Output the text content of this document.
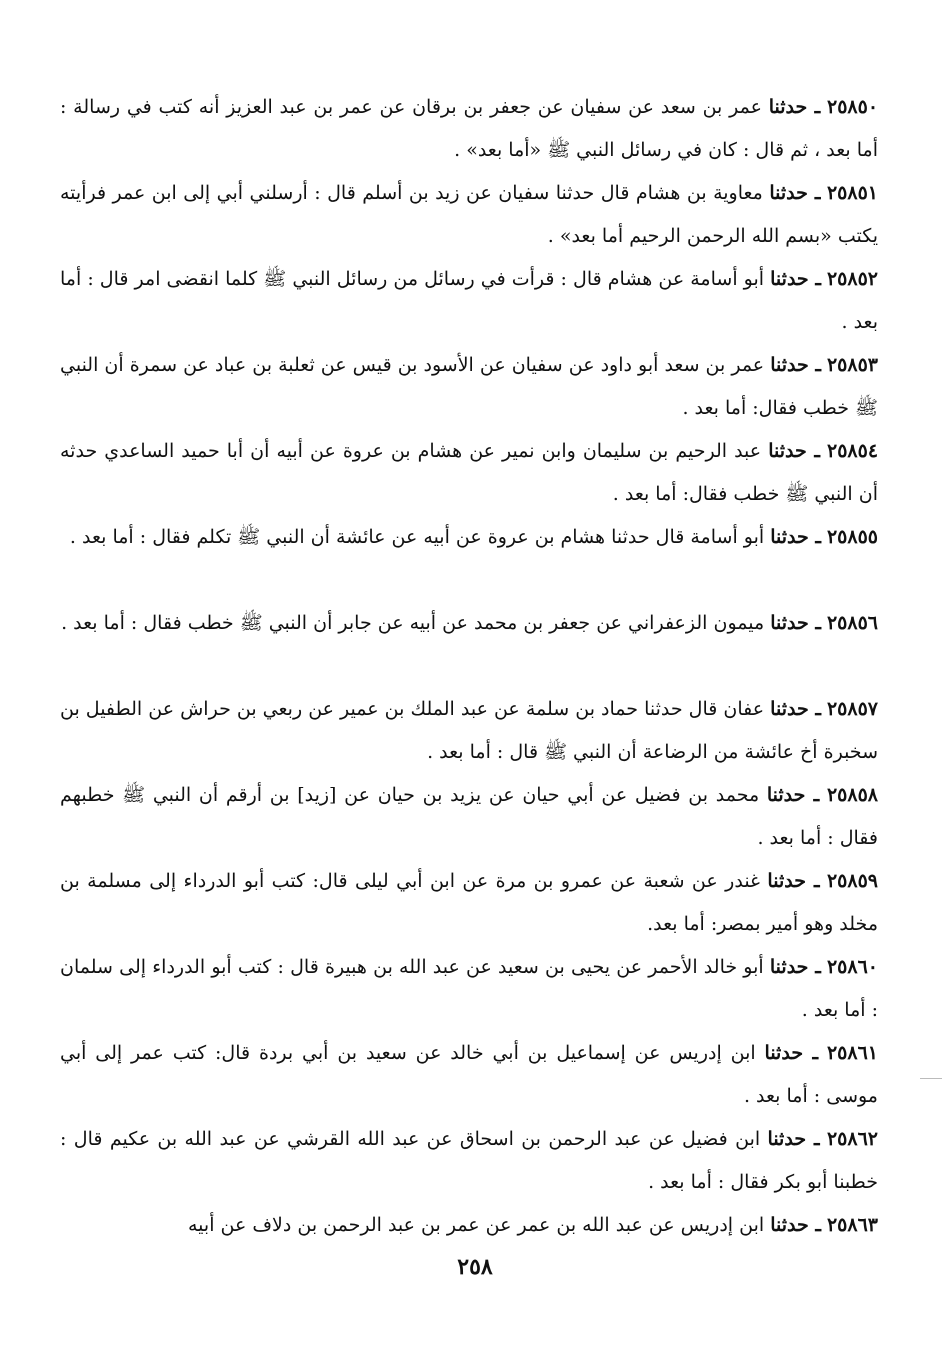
٢٥٨٥٠ ـ حدثنا عمر بن سعد عن سفيان عن جعفر بن برقان عن عمر بن عبد العزيز أنه كتب في رسالة : أما بعد ، ثم قال : كان في رسائل النبي ﷺ «أما بعد» .

٢٥٨٥١ ـ حدثنا معاوية بن هشام قال حدثنا سفيان عن زيد بن أسلم قال : أرسلني أبي إلى ابن عمر فرأيته يكتب «بسم الله الرحمن الرحيم أما بعد» .

٢٥٨٥٢ ـ حدثنا أبو أسامة عن هشام قال : قرأت في رسائل من رسائل النبي ﷺ كلما انقضى امر قال : أما بعد .

٢٥٨٥٣ ـ حدثنا عمر بن سعد أبو داود عن سفيان عن الأسود بن قيس عن ثعلبة بن عباد عن سمرة أن النبي ﷺ خطب فقال: أما بعد .

٢٥٨٥٤ ـ حدثنا عبد الرحيم بن سليمان وابن نمير عن هشام بن عروة عن أبيه أن أبا حميد الساعدي حدثه أن النبي ﷺ خطب فقال: أما بعد .

٢٥٨٥٥ ـ حدثنا أبو أسامة قال حدثنا هشام بن عروة عن أبيه عن عائشة أن النبي ﷺ تكلم فقال : أما بعد .

٢٥٨٥٦ ـ حدثنا ميمون الزعفراني عن جعفر بن محمد عن أبيه عن جابر أن النبي ﷺ خطب فقال : أما بعد .

٢٥٨٥٧ ـ حدثنا عفان قال حدثنا حماد بن سلمة عن عبد الملك بن عمير عن ربعي بن حراش عن الطفيل بن سخبرة أخ عائشة من الرضاعة أن النبي ﷺ قال : أما بعد .

٢٥٨٥٨ ـ حدثنا محمد بن فضيل عن أبي حيان عن يزيد بن حيان عن [زيد] بن أرقم أن النبي ﷺ خطبهم فقال : أما بعد .

٢٥٨٥٩ ـ حدثنا غندر عن شعبة عن عمرو بن مرة عن ابن أبي ليلى قال: كتب أبو الدرداء إلى مسلمة بن مخلد وهو أمير بمصر: أما بعد.

٢٥٨٦٠ ـ حدثنا أبو خالد الأحمر عن يحيى بن سعيد عن عبد الله بن هبيرة قال : كتب أبو الدرداء إلى سلمان : أما بعد .

٢٥٨٦١ ـ حدثنا ابن إدريس عن إسماعيل بن أبي خالد عن سعيد بن أبي بردة قال: كتب عمر إلى أبي موسى : أما بعد .

٢٥٨٦٢ ـ حدثنا ابن فضيل عن عبد الرحمن بن اسحاق عن عبد الله القرشي عن عبد الله بن عكيم قال : خطبنا أبو بكر فقال : أما بعد .

٢٥٨٦٣ ـ حدثنا ابن إدريس عن عبد الله بن عمر عن عمر بن عبد الرحمن بن دلاف عن أبيه

٢٥٨
